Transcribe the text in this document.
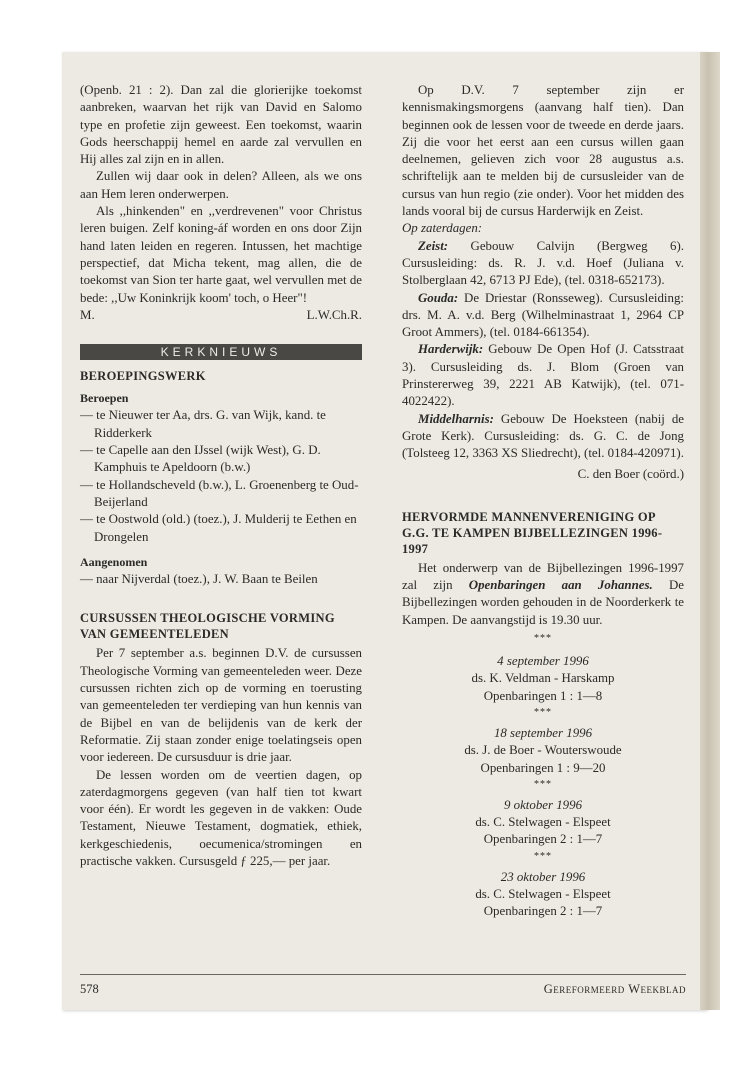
(Openb. 21 : 2). Dan zal die glorierijke toekomst aanbreken, waarvan het rijk van David en Salomo type en profetie zijn geweest. Een toekomst, waarin Gods heerschappij hemel en aarde zal vervullen en Hij alles zal zijn en in allen.

Zullen wij daar ook in delen? Alleen, als we ons aan Hem leren onderwerpen.

Als ,,hinkenden" en ,,verdrevenen" voor Christus leren buigen. Zelf koning-áf worden en ons door Zijn hand laten leiden en regeren. Intussen, het machtige perspectief, dat Micha tekent, mag allen, die de toekomst van Sion ter harte gaat, wel vervullen met de bede: ,,Uw Koninkrijk koom' toch, o Heer"!

M.	L.W.Ch.R.
KERKNIEUWS
BEROEPINGSWERK
Beroepen

— te Nieuwer ter Aa, drs. G. van Wijk, kand. te Ridderkerk

— te Capelle aan den IJssel (wijk West), G. D. Kamphuis te Apeldoorn (b.w.)

— te Hollandscheveld (b.w.), L. Groenenberg te Oud-Beijerland

— te Oostwold (old.) (toez.), J. Mulderij te Eethen en Drongelen

Aangenomen

— naar Nijverdal (toez.), J. W. Baan te Beilen

CURSUSSEN THEOLOGISCHE VORMING VAN GEMEENTELEDEN

Per 7 september a.s. beginnen D.V. de cursussen Theologische Vorming van gemeenteleden weer. Deze cursussen richten zich op de vorming en toerusting van gemeenteleden ter verdieping van hun kennis van de Bijbel en van de belijdenis van de kerk der Reformatie. Zij staan zonder enige toelatingseis open voor iedereen. De cursusduur is drie jaar.

De lessen worden om de veertien dagen, op zaterdagmorgens gegeven (van half tien tot kwart voor één). Er wordt les gegeven in de vakken: Oude Testament, Nieuwe Testament, dogmatiek, ethiek, kerkgeschiedenis, oecumenica/stromingen en practische vakken. Cursusgeld ƒ 225,— per jaar.

Op D.V. 7 september zijn er kennismakingsmorgens (aanvang half tien). Dan beginnen ook de lessen voor de tweede en derde jaars. Zij die voor het eerst aan een cursus willen gaan deelnemen, gelieven zich voor 28 augustus a.s. schriftelijk aan te melden bij de cursusleider van de cursus van hun regio (zie onder). Voor het midden des lands vooral bij de cursus Harderwijk en Zeist.

Op zaterdagen:

Zeist: Gebouw Calvijn (Bergweg 6). Cursusleiding: ds. R. J. v.d. Hoef (Juliana v. Stolberglaan 42, 6713 PJ Ede), (tel. 0318-652173).

Gouda: De Driestar (Ronsseweg). Cursusleiding: drs. M. A. v.d. Berg (Wilhelminastraat 1, 2964 CP Groot Ammers), (tel. 0184-661354).

Harderwijk: Gebouw De Open Hof (J. Catsstraat 3). Cursusleiding ds. J. Blom (Groen van Prinstererweg 39, 2221 AB Katwijk), (tel. 071-4022422).

Middelharnis: Gebouw De Hoeksteen (nabij de Grote Kerk). Cursusleiding: ds. G. C. de Jong (Tolsteeg 12, 3363 XS Sliedrecht), (tel. 0184-420971).

C. den Boer (coörd.)

HERVORMDE MANNENVERENIGING OP G.G. TE KAMPEN BIJBELLEZINGEN 1996-1997

Het onderwerp van de Bijbellezingen 1996-1997 zal zijn Openbaringen aan Johannes. De Bijbellezingen worden gehouden in de Noorderkerk te Kampen. De aanvangstijd is 19.30 uur.

***

4 september 1996

ds. K. Veldman - Harskamp

Openbaringen 1 : 1—8

***

18 september 1996

ds. J. de Boer - Wouterswoude

Openbaringen 1 : 9—20

***

9 oktober 1996

ds. C. Stelwagen - Elspeet

Openbaringen 2 : 1—7

***

23 oktober 1996

ds. C. Stelwagen - Elspeet

Openbaringen 2 : 1—7

578	Gereformeerd Weekblad
